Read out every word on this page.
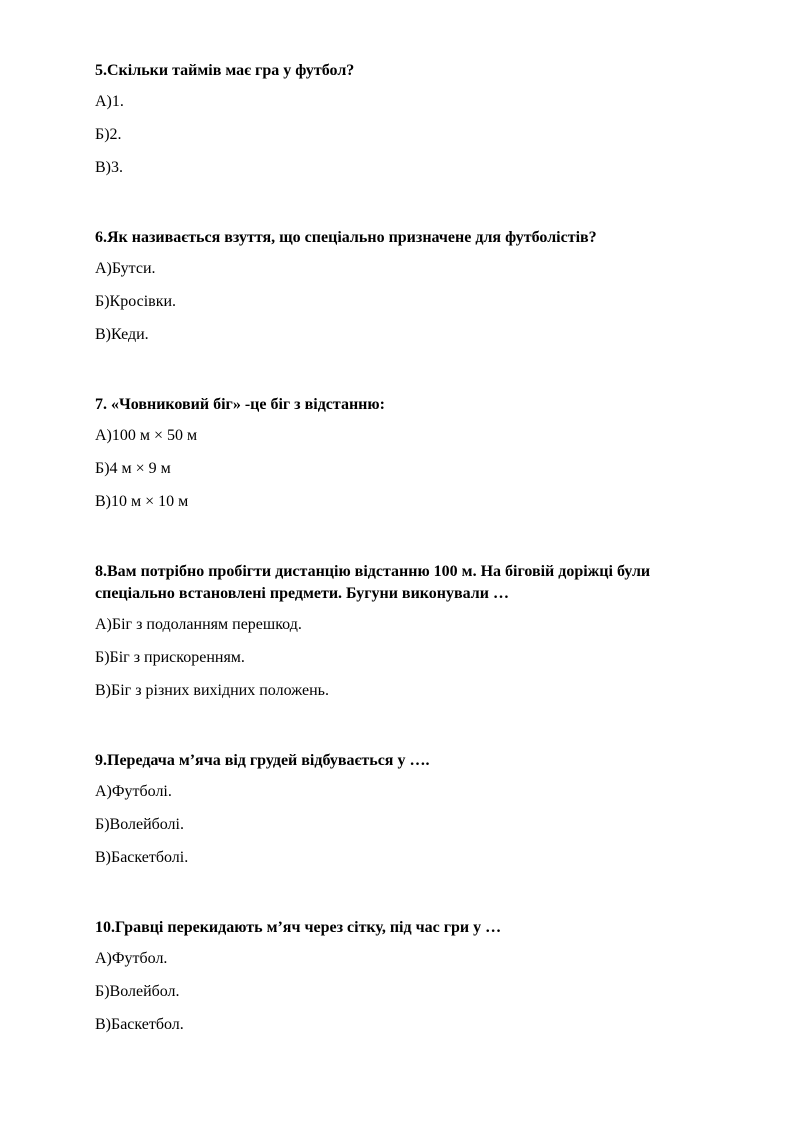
5.Скільки таймів має гра у футбол?
А)1.
Б)2.
В)3.
6.Як називається взуття, що спеціально призначене для футболістів?
А)Бутси.
Б)Кросівки.
В)Кеди.
7. «Човниковий біг» -це біг з відстанню:
А)100 м × 50 м
Б)4 м × 9 м
В)10 м × 10 м
8.Вам потрібно пробігти дистанцію відстанню 100 м. На біговій доріжці були спеціально встановлені предмети. Бугуни виконували …
А)Біг з подоланням перешкод.
Б)Біг з прискоренням.
В)Біг з різних вихідних положень.
9.Передача м’яча від грудей відбувається у ….
А)Футболі.
Б)Волейболі.
В)Баскетболі.
10.Гравці перекидають м’яч через сітку, під час гри у …
А)Футбол.
Б)Волейбол.
В)Баскетбол.
